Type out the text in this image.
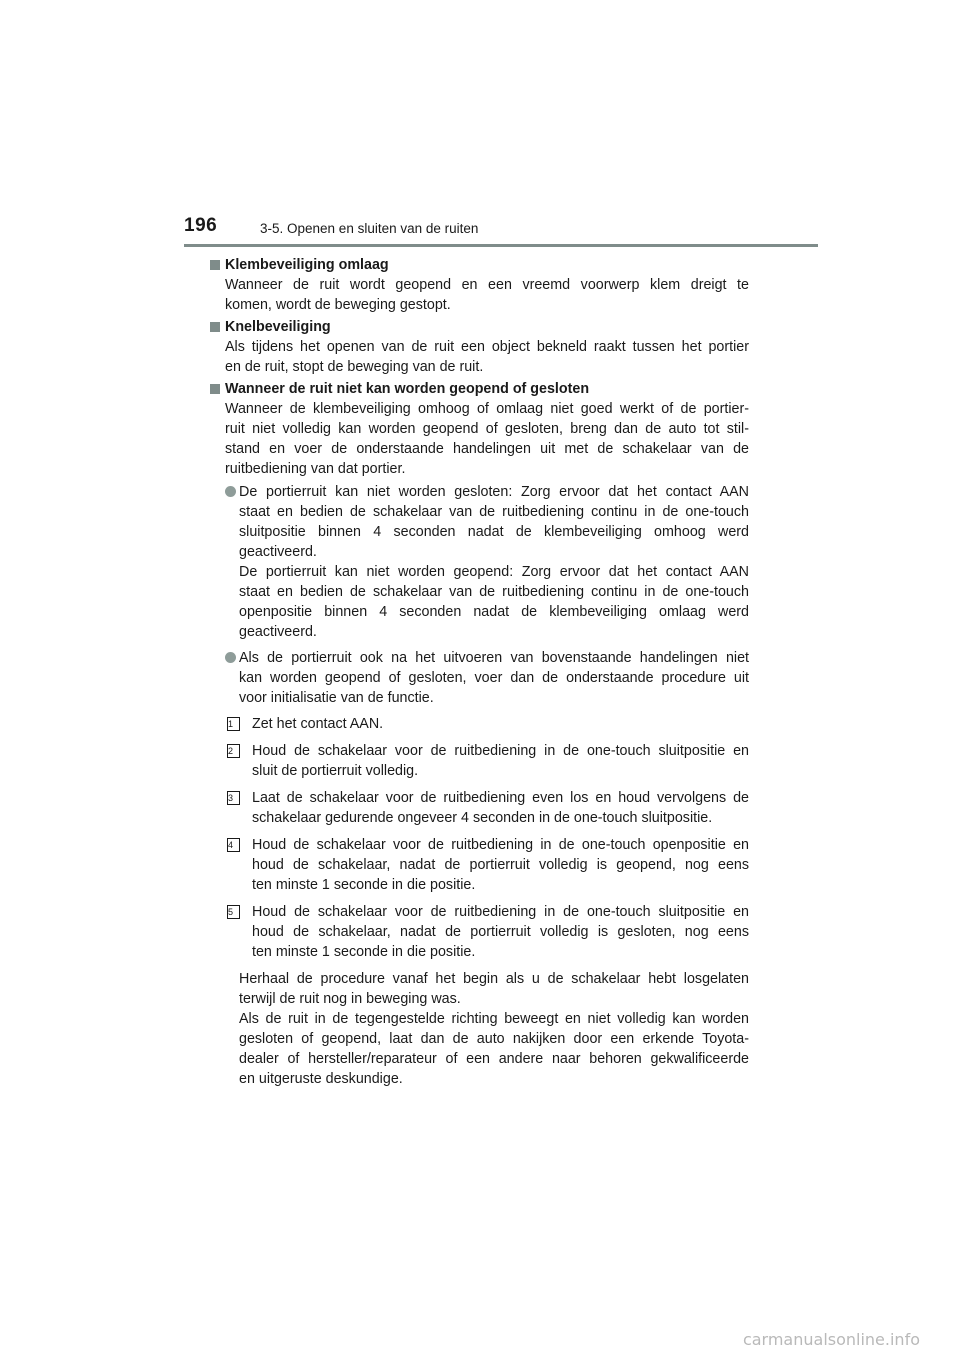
196	3-5. Openen en sluiten van de ruiten
Klembeveiliging omlaag
Wanneer de ruit wordt geopend en een vreemd voorwerp klem dreigt te
komen, wordt de beweging gestopt.
Knelbeveiliging
Als tijdens het openen van de ruit een object bekneld raakt tussen het portier
en de ruit, stopt de beweging van de ruit.
Wanneer de ruit niet kan worden geopend of gesloten
Wanneer de klembeveiliging omhoog of omlaag niet goed werkt of de portier-
ruit niet volledig kan worden geopend of gesloten, breng dan de auto tot stil-
stand en voer de onderstaande handelingen uit met de schakelaar van de
ruitbediening van dat portier.
De portierruit kan niet worden gesloten: Zorg ervoor dat het contact AAN
staat en bedien de schakelaar van de ruitbediening continu in de one-touch
sluitpositie binnen 4 seconden nadat de klembeveiliging omhoog werd
geactiveerd.
De portierruit kan niet worden geopend: Zorg ervoor dat het contact AAN
staat en bedien de schakelaar van de ruitbediening continu in de one-touch
openpositie binnen 4 seconden nadat de klembeveiliging omlaag werd
geactiveerd.
Als de portierruit ook na het uitvoeren van bovenstaande handelingen niet
kan worden geopend of gesloten, voer dan de onderstaande procedure uit
voor initialisatie van de functie.
1	Zet het contact AAN.
2	Houd de schakelaar voor de ruitbediening in de one-touch sluitpositie en
sluit de portierruit volledig.
3	Laat de schakelaar voor de ruitbediening even los en houd vervolgens de
schakelaar gedurende ongeveer 4 seconden in de one-touch sluitpositie.
4	Houd de schakelaar voor de ruitbediening in de one-touch openpositie en
houd de schakelaar, nadat de portierruit volledig is geopend, nog eens
ten minste 1 seconde in die positie.
5	Houd de schakelaar voor de ruitbediening in de one-touch sluitpositie en
houd de schakelaar, nadat de portierruit volledig is gesloten, nog eens
ten minste 1 seconde in die positie.
Herhaal de procedure vanaf het begin als u de schakelaar hebt losgelaten
terwijl de ruit nog in beweging was.
Als de ruit in de tegengestelde richting beweegt en niet volledig kan worden
gesloten of geopend, laat dan de auto nakijken door een erkende Toyota-
dealer of hersteller/reparateur of een andere naar behoren gekwalificeerde
en uitgeruste deskundige.
carmanualsonline.info
